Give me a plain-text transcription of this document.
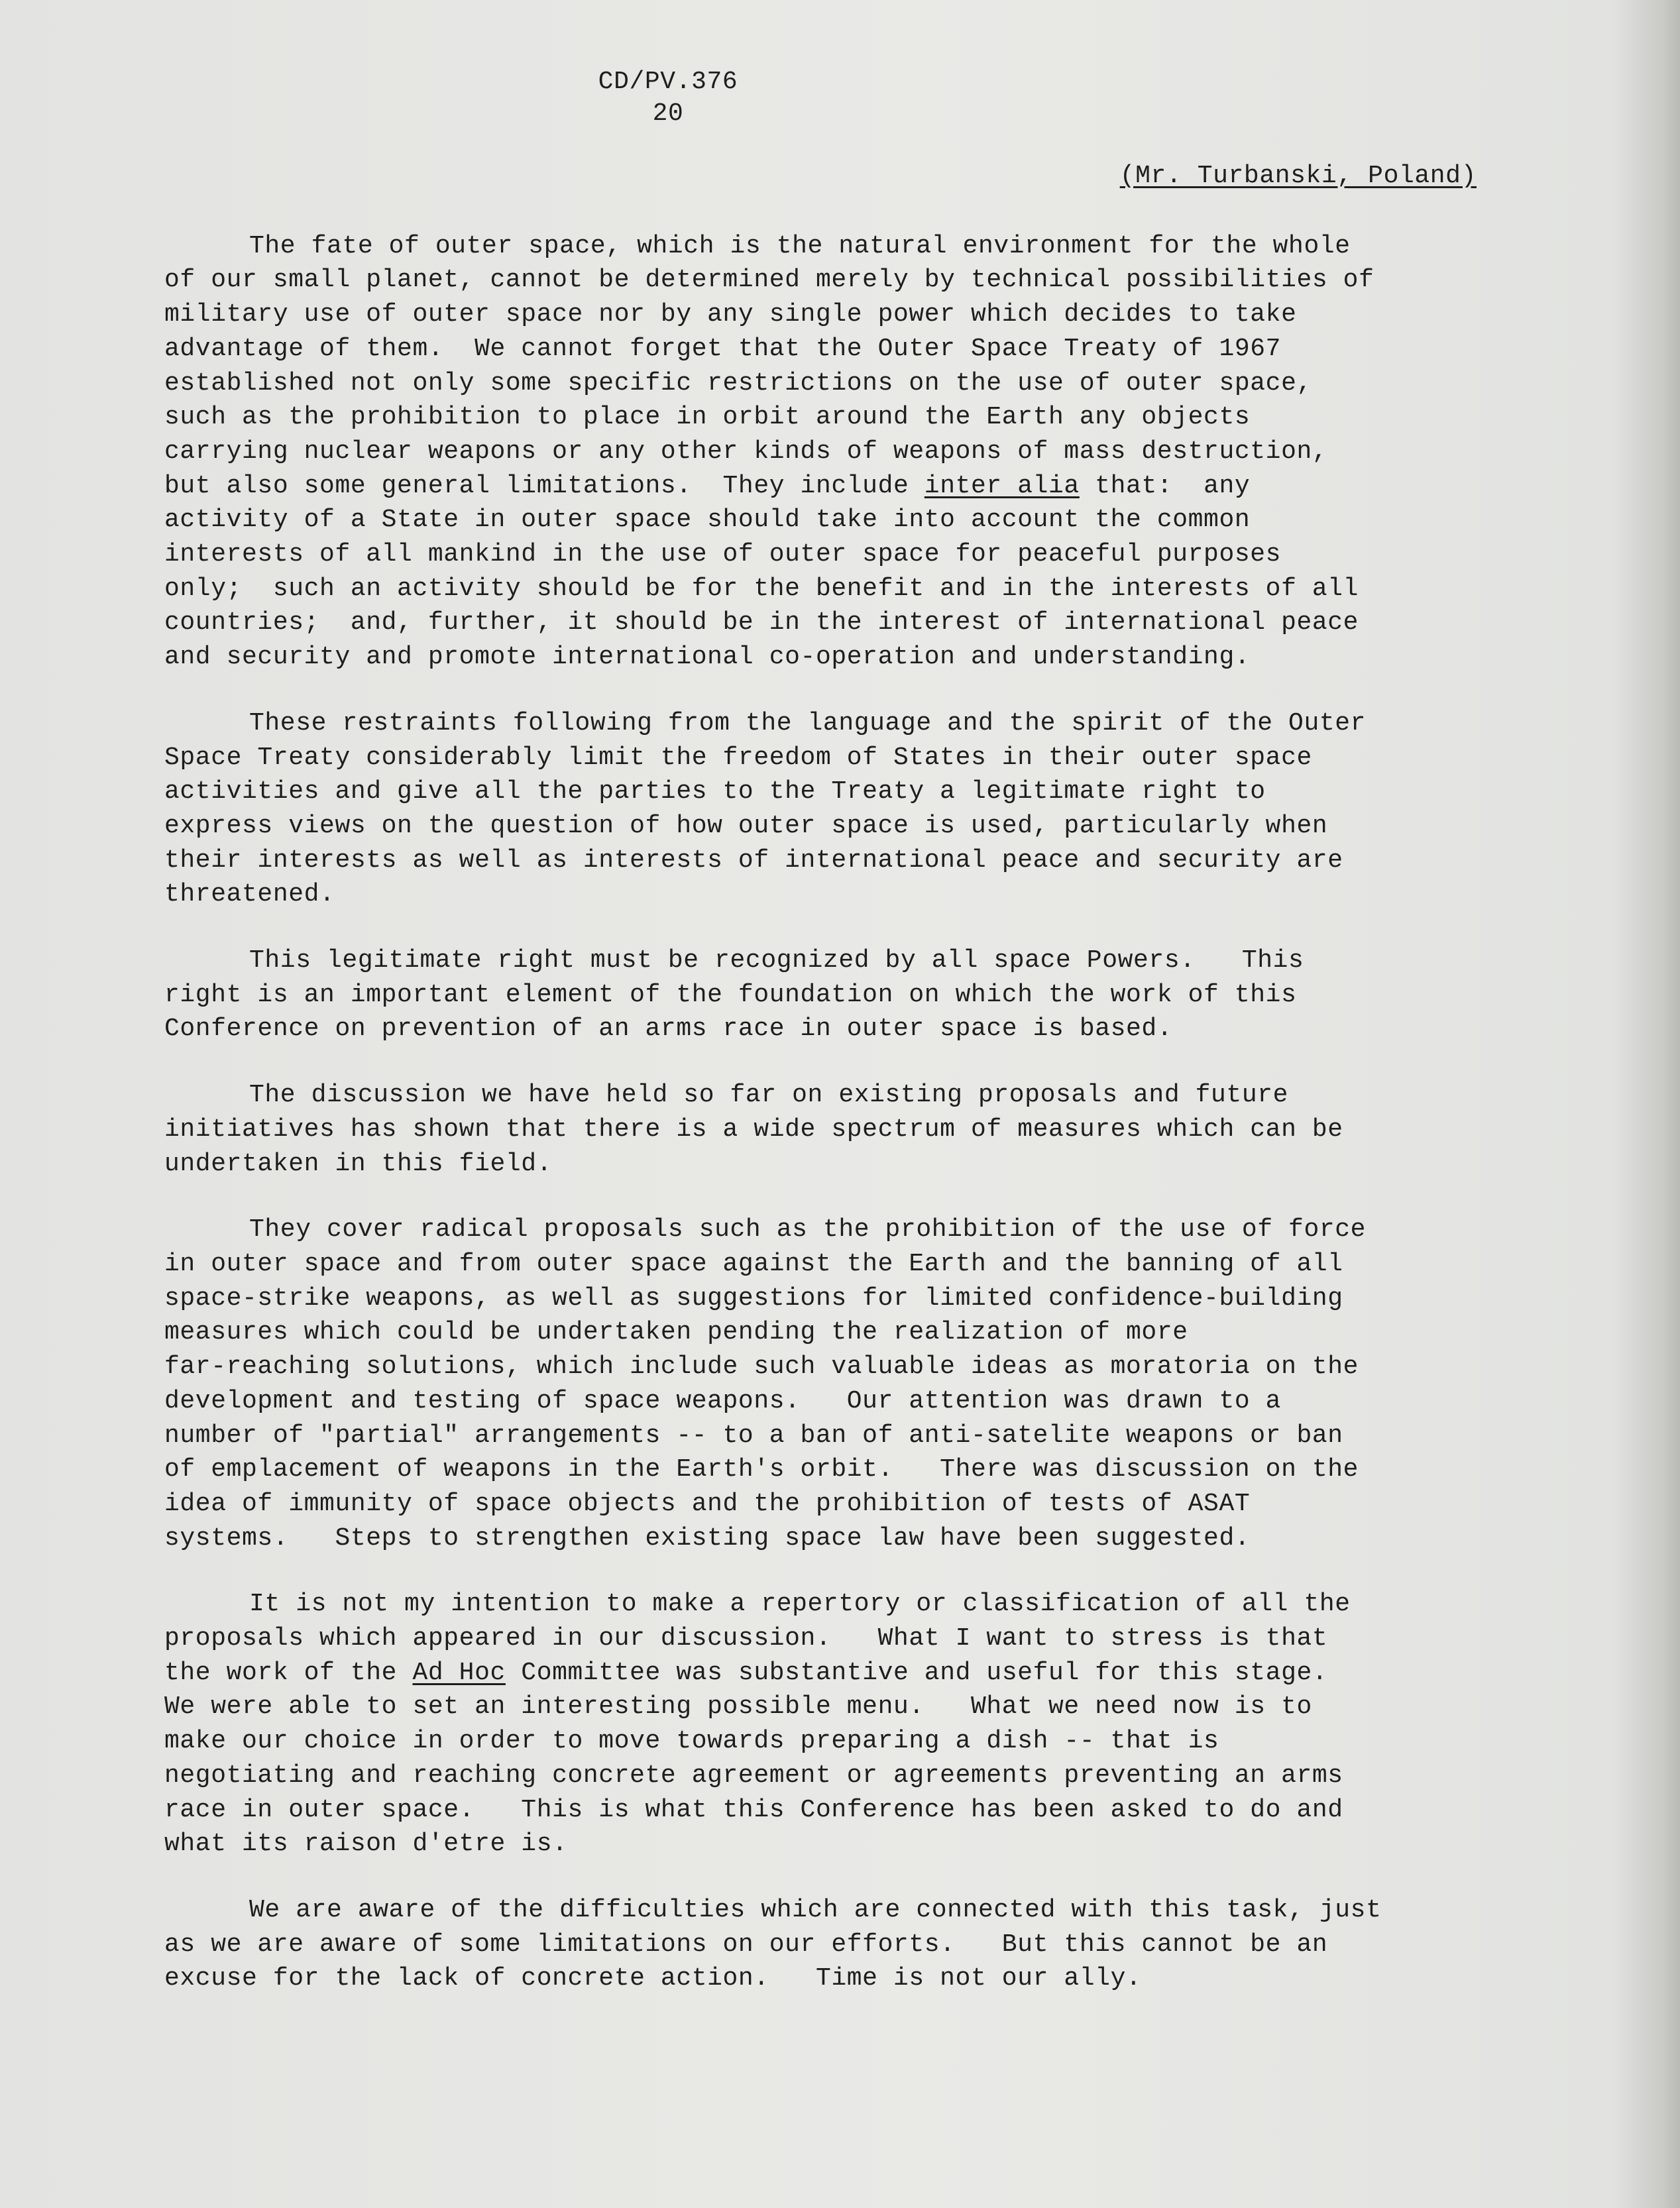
CD/PV.376
20
(Mr. Turbanski, Poland)
The fate of outer space, which is the natural environment for the whole
of our small planet, cannot be determined merely by technical possibilities of
military use of outer space nor by any single power which decides to take
advantage of them.  We cannot forget that the Outer Space Treaty of 1967
established not only some specific restrictions on the use of outer space,
such as the prohibition to place in orbit around the Earth any objects
carrying nuclear weapons or any other kinds of weapons of mass destruction,
but also some general limitations.  They include inter alia that:  any
activity of a State in outer space should take into account the common
interests of all mankind in the use of outer space for peaceful purposes
only;  such an activity should be for the benefit and in the interests of all
countries;  and, further, it should be in the interest of international peace
and security and promote international co-operation and understanding.
These restraints following from the language and the spirit of the Outer
Space Treaty considerably limit the freedom of States in their outer space
activities and give all the parties to the Treaty a legitimate right to
express views on the question of how outer space is used, particularly when
their interests as well as interests of international peace and security are
threatened.
This legitimate right must be recognized by all space Powers.   This
right is an important element of the foundation on which the work of this
Conference on prevention of an arms race in outer space is based.
The discussion we have held so far on existing proposals and future
initiatives has shown that there is a wide spectrum of measures which can be
undertaken in this field.
They cover radical proposals such as the prohibition of the use of force
in outer space and from outer space against the Earth and the banning of all
space-strike weapons, as well as suggestions for limited confidence-building
measures which could be undertaken pending the realization of more
far-reaching solutions, which include such valuable ideas as moratoria on the
development and testing of space weapons.   Our attention was drawn to a
number of "partial" arrangements -- to a ban of anti-satelite weapons or ban
of emplacement of weapons in the Earth's orbit.   There was discussion on the
idea of immunity of space objects and the prohibition of tests of ASAT
systems.   Steps to strengthen existing space law have been suggested.
It is not my intention to make a repertory or classification of all the
proposals which appeared in our discussion.   What I want to stress is that
the work of the Ad Hoc Committee was substantive and useful for this stage.
We were able to set an interesting possible menu.   What we need now is to
make our choice in order to move towards preparing a dish -- that is
negotiating and reaching concrete agreement or agreements preventing an arms
race in outer space.   This is what this Conference has been asked to do and
what its raison d'etre is.
We are aware of the difficulties which are connected with this task, just
as we are aware of some limitations on our efforts.   But this cannot be an
excuse for the lack of concrete action.   Time is not our ally.
